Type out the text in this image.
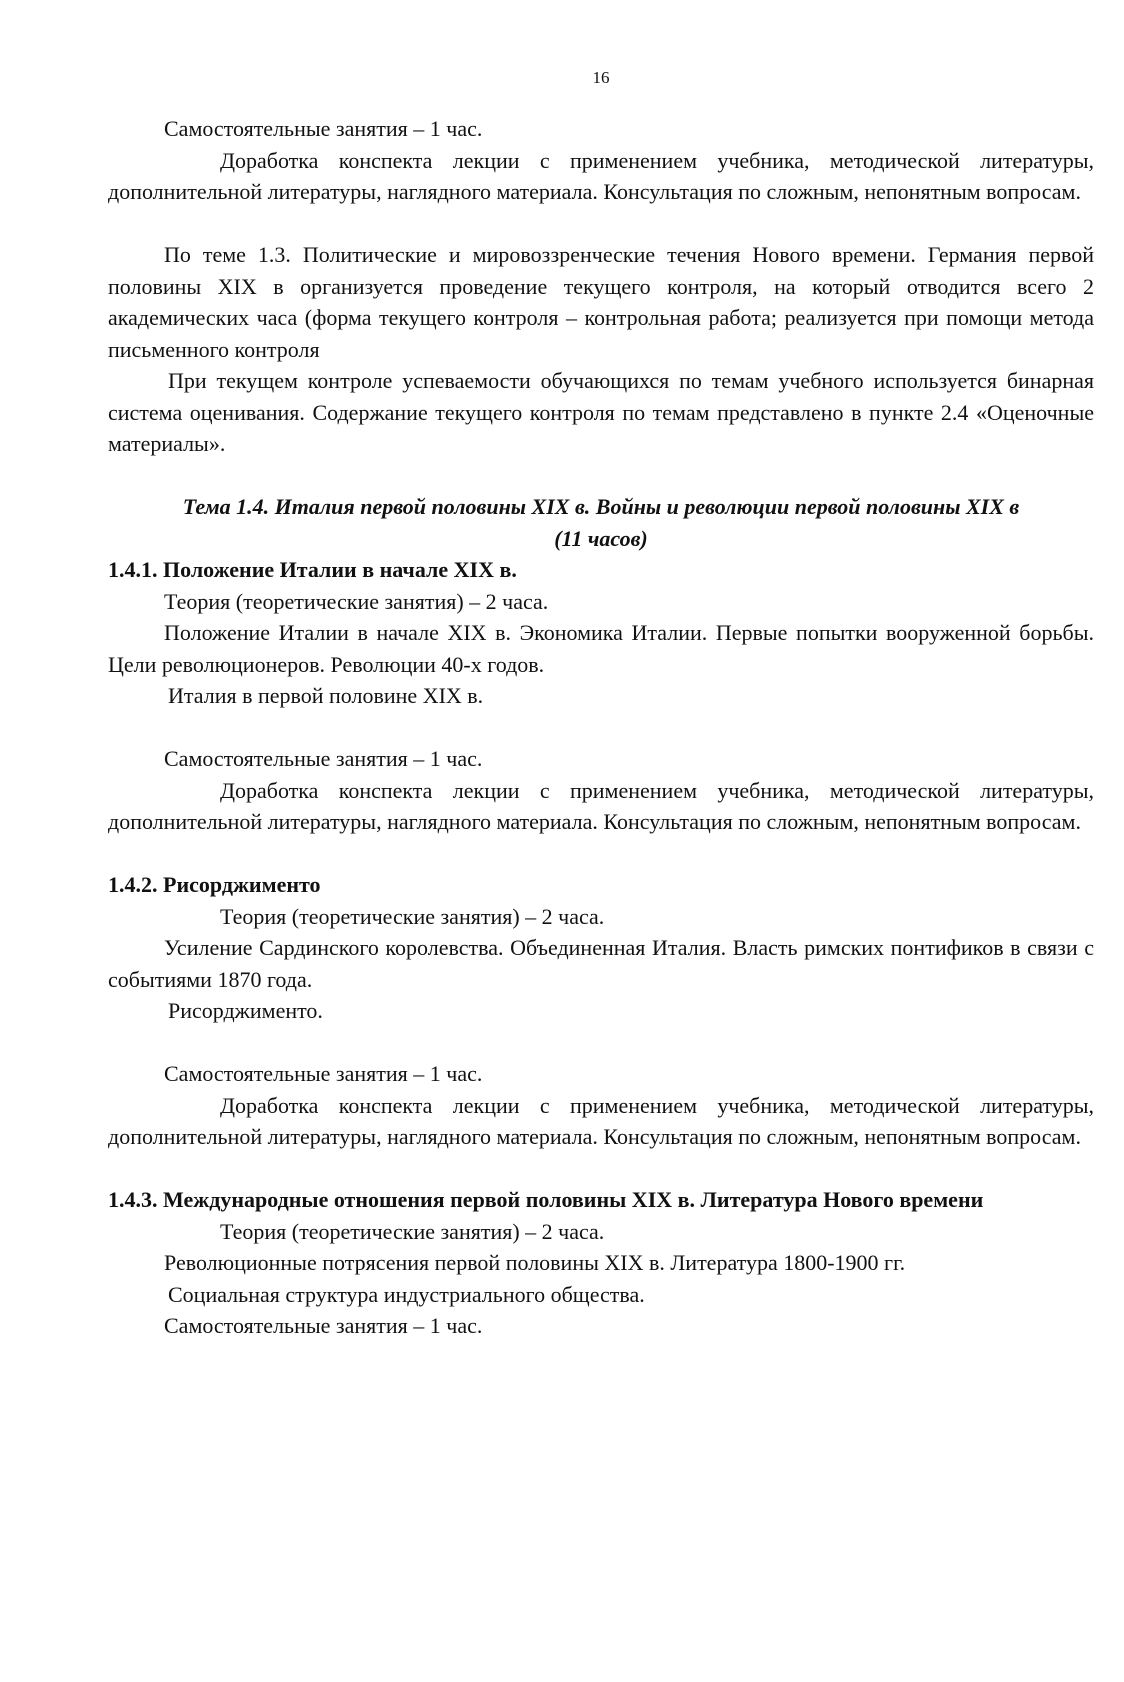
16

Самостоятельные занятия – 1 час.

Доработка конспекта лекции с применением учебника, методической литературы, дополнительной литературы, наглядного материала. Консультация по сложным, непонятным вопросам.

По теме 1.3. Политические и мировоззренческие течения Нового времени. Германия первой половины XIX в организуется проведение текущего контроля, на который отводится всего 2 академических часа (форма текущего контроля – контрольная работа; реализуется при помощи метода письменного контроля

При текущем контроле успеваемости обучающихся по темам учебного используется бинарная система оценивания. Содержание текущего контроля по темам представлено в пункте 2.4 «Оценочные материалы».

Тема 1.4. Италия первой половины XIX в. Войны и революции первой половины XIX в

(11 часов)

1.4.1. Положение Италии в начале XIX в.

Теория (теоретические занятия) – 2 часа.

Положение Италии в начале XIX в. Экономика Италии. Первые попытки вооруженной борьбы. Цели революционеров. Революции 40-х годов.

Италия в первой половине XIX в.

Самостоятельные занятия – 1 час.

Доработка конспекта лекции с применением учебника, методической литературы, дополнительной литературы, наглядного материала. Консультация по сложным, непонятным вопросам.

1.4.2. Рисорджименто

Теория (теоретические занятия) – 2 часа.

Усиление Сардинского королевства. Объединенная Италия. Власть римских понтификов в связи с событиями 1870 года.

Рисорджименто.

Самостоятельные занятия – 1 час.

Доработка конспекта лекции с применением учебника, методической литературы, дополнительной литературы, наглядного материала. Консультация по сложным, непонятным вопросам.

1.4.3. Международные отношения первой половины XIX в. Литература Нового времени

Теория (теоретические занятия) – 2 часа.

Революционные потрясения первой половины XIX в. Литература 1800-1900 гг.

Социальная структура индустриального общества.

Самостоятельные занятия – 1 час.
